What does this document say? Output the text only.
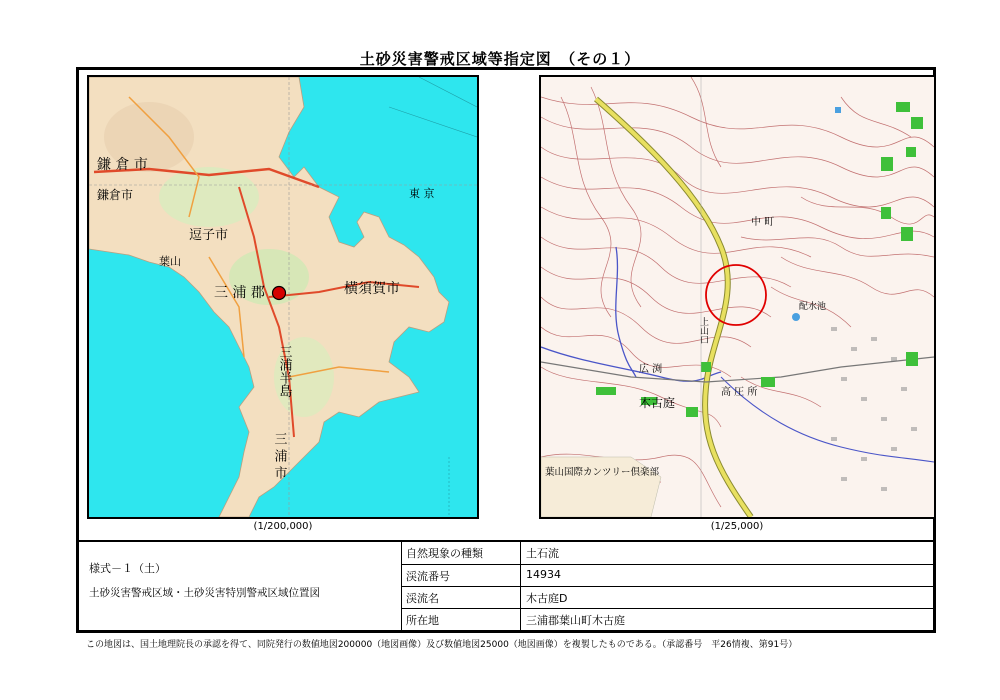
土砂災害警戒区域等指定図　（その１）
鎌 倉 市
鎌倉市
逗子市
葉山
三 浦 郡	横須賀市
東 京
三浦半島
三 浦 市
(1/200,000)
中 町
配水池
広 渕
木古庭
高 圧 所
上山口
葉山国際カンツリー倶楽部
(1/25,000)
様式－１（土）
土砂災害警戒区域・土砂災害特別警戒区域位置図
自然現象の種類	土石流
渓流番号	14934
渓流名	木古庭D
所在地	三浦郡葉山町木古庭
この地図は、国土地理院長の承認を得て、同院発行の数値地図200000（地図画像）及び数値地図25000（地図画像）を複製したものである。（承認番号　平26情複、第91号）
